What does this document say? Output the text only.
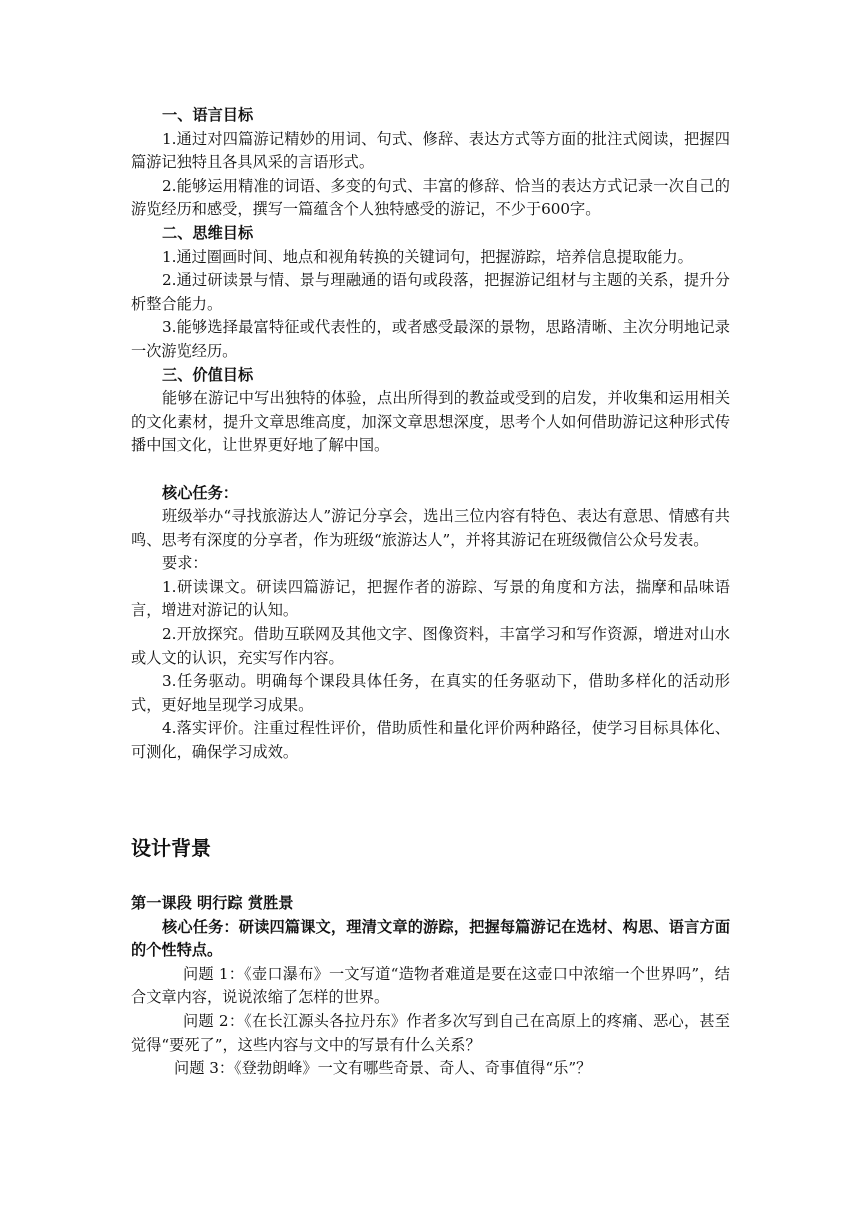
一、语言目标

1.通过对四篇游记精妙的用词、句式、修辞、表达方式等方面的批注式阅读，把握四篇游记独特且各具风采的言语形式。

2.能够运用精准的词语、多变的句式、丰富的修辞、恰当的表达方式记录一次自己的游览经历和感受，撰写一篇蕴含个人独特感受的游记，不少于600字。

二、思维目标

1.通过圈画时间、地点和视角转换的关键词句，把握游踪，培养信息提取能力。

2.通过研读景与情、景与理融通的语句或段落，把握游记组材与主题的关系，提升分析整合能力。

3.能够选择最富特征或代表性的，或者感受最深的景物，思路清晰、主次分明地记录一次游览经历。

三、价值目标

能够在游记中写出独特的体验，点出所得到的教益或受到的启发，并收集和运用相关的文化素材，提升文章思维高度，加深文章思想深度，思考个人如何借助游记这种形式传播中国文化，让世界更好地了解中国。

核心任务：

班级举办“寻找旅游达人”游记分享会，选出三位内容有特色、表达有意思、情感有共鸣、思考有深度的分享者，作为班级“旅游达人”，并将其游记在班级微信公众号发表。

要求：

1.研读课文。研读四篇游记，把握作者的游踪、写景的角度和方法，揣摩和品味语言，增进对游记的认知。

2.开放探究。借助互联网及其他文字、图像资料，丰富学习和写作资源，增进对山水或人文的认识，充实写作内容。

3.任务驱动。明确每个课段具体任务，在真实的任务驱动下，借助多样化的活动形式，更好地呈现学习成果。

4.落实评价。注重过程性评价，借助质性和量化评价两种路径，使学习目标具体化、可测化，确保学习成效。

设计背景

第一课段 明行踪 赏胜景

核心任务：研读四篇课文，理清文章的游踪，把握每篇游记在选材、构思、语言方面的个性特点。

问题 1：《壶口瀑布》一文写道“造物者难道是要在这壶口中浓缩一个世界吗”，结合文章内容，说说浓缩了怎样的世界。

问题 2：《在长江源头各拉丹东》作者多次写到自己在高原上的疼痛、恶心，甚至觉得“要死了”，这些内容与文中的写景有什么关系？

问题 3：《登勃朗峰》一文有哪些奇景、奇人、奇事值得“乐”？
